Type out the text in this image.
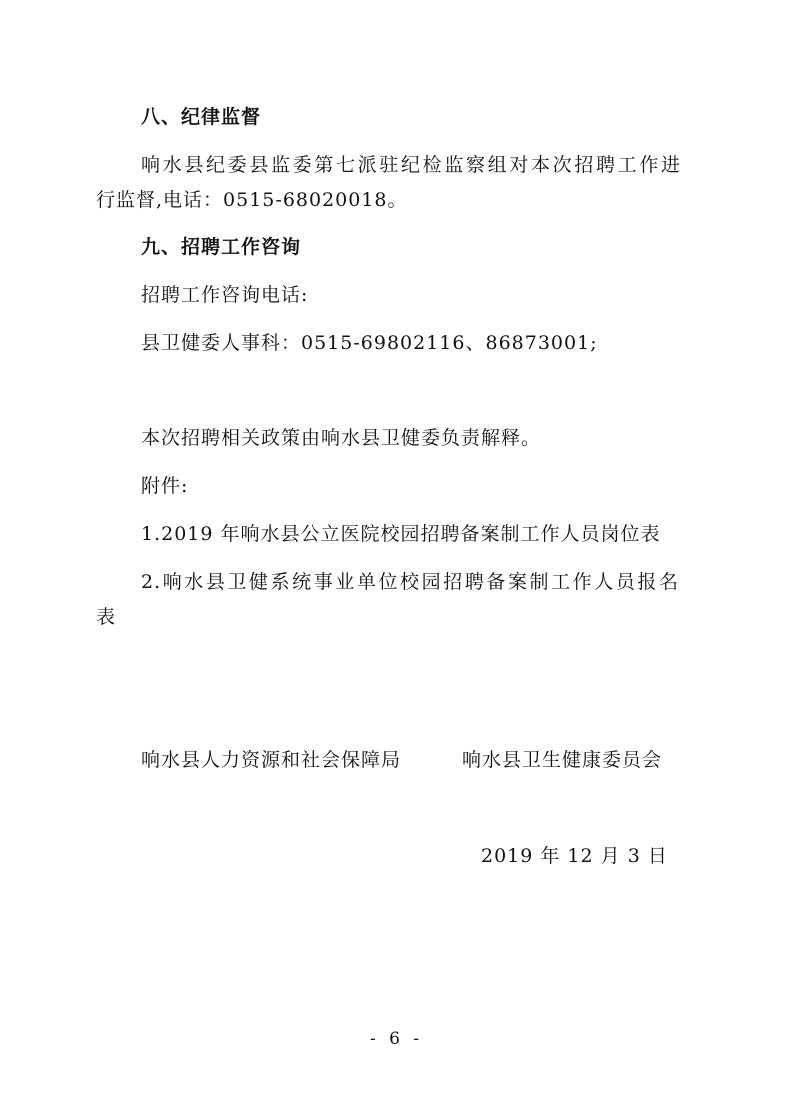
八、纪律监督
响水县纪委县监委第七派驻纪检监察组对本次招聘工作进
行监督,电话：0515-68020018。
九、招聘工作咨询
招聘工作咨询电话:
县卫健委人事科：0515-69802116、86873001;
本次招聘相关政策由响水县卫健委负责解释。
附件:
1.2019 年响水县公立医院校园招聘备案制工作人员岗位表
2.响水县卫健系统事业单位校园招聘备案制工作人员报名
表
响水县人力资源和社会保障局	响水县卫生健康委员会
2019 年 12 月 3 日
- 6 -
